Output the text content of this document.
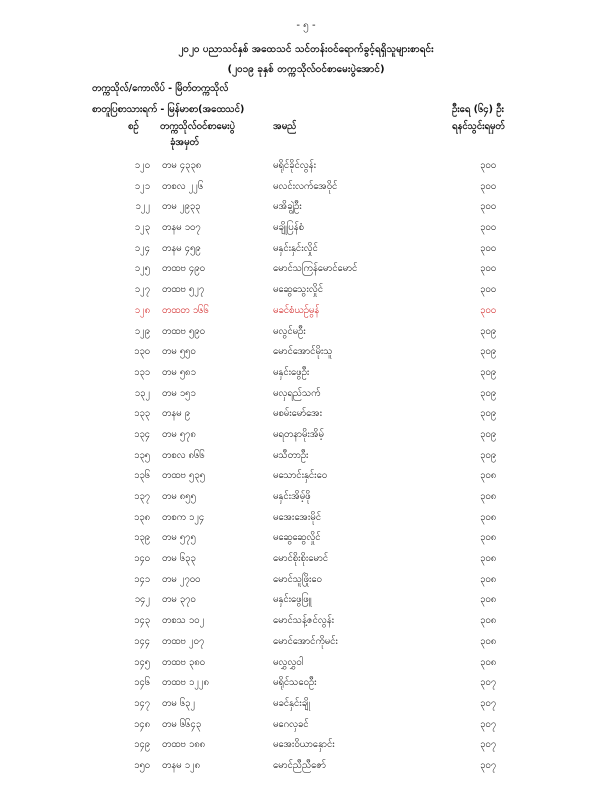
- ၅ -
၂၀၂၀ ပညာသင်နှစ် အထေသင် သင်တန်းဝင်ရောက်ခွင့်ရရှိသူများစာရင်း
(၂၀၁၉ ခုနှစ် တက္ကသိုလ်ဝင်စာမေးပွဲအောင်)
တက္ကသိုလ်/ကောလိပ် - မြိတ်တက္ကသိုလ်
စာတူပြစာသားရက် - မြန်မာစာ(အထေသင်)	ဦးရေ (၆၄) ဦး
စဉ် တက္ကသိုလ်ဝင်စာမေးပွဲ
ခုံအမှတ်
အမည်	ရနင်သွင်းရမှတ်
၁၂၀ တမ ၄၃၃၈	မရိုင်ခိုင်လွန်း	၃၀၀
၁၂၁ တစလ ၂၂၆	မလင်းလက်အေဝိုင်	၃၀၀
၁၂၂ တမ ၂၉၃၃	မအိချွဲဦး	၃၀၀
၁၂၃ တနမ ၁၀၇	မချိုပြန်စံ	၃၀၀
၁၂၄ တနမ ၄၅၉	မနှင်းနှင်းလှိုင်	၃၀၀
၁၂၅ တထဗ ၄၉၀	မောင်သကြန်မောင်မောင်	၃၀၀
၁၂၇ တထဗ ၅၂၇	မဆွေသွေးလှိုင်	၃၀၀
၁၂၈ တထတ ၁၆၆	မခင်စံယဉ်မွန်	၃၀၀
၁၂၉ တထဗ ၅၉၀	မလွင်မဦး	၃၀၉
၁၃၀ တမ ၅၅၀	မောင်အောင်မိုးသူ	၃၀၉
၁၃၁ တမ ၅၈၁	မနှင်းဖွေဦး	၃၀၉
၁၃၂ တမ ၁၅၁	မလှရည်သက်	၃၀၉
၁၃၃ တနမ ၉	မစမ်းမော်အေး	၃၀၉
၁၃၄ တမ ၅၇၈	မရတနာမိုးအိမ့်	၃၀၉
၁၃၅ တစလ ၈၆၆	မသီတာဦး	၃၀၉
၁၃၆ တထဗ ၅၃၅	မသောင်းနှင်းဝေ	၃၀၈
၁၃၇ တမ ၈၅၅	မနှင်းအိမ့်ဖို	၃၀၈
၁၃၈ တစက ၁၂၄	မအေးအေးမိုင်	၃၀၈
၁၃၉ တမ ၅၇၅	မဆွေဆွေလှိုင်	၃၀၈
၁၄၀ တမ ၆၃၃	မောင်စိုးစိုးမောင်	၃၀၈
၁၄၁ တမ ၂၇၀၀	မောင်သူဖြိုးဝေ	၃၀၈
၁၄၂ တမ ၃၇၀	မနှင်းဖွေဖြူ	၃၀၈
၁၄၃ တစသ ၁၀၂	မောင်သန့်ဇင်လွန်း	၃၀၈
၁၄၄ တထဗ ၂၀၇	မောင်အောင်ကိုမင်း	၃၀၈
၁၄၅ တထဗ ၃၈၀	မလွှလွှဝါ	၃၀၈
၁၄၆ တထဗ ၁၂၂၈	မရိုင်သဝေဦး	၃၀၇
၁၄၇ တမ ၆၃၂	မခင်နှင်းချို	၃၀၇
၁၄၈ တမ ၆၆၄၃	မဂေလှခင်	၃၀၇
၁၄၉ တထဗ ၁၈၈	မအေးဝိယာနှောင်း	၃၀၇
၁၅၀ တနမ ၁၂၈	မောင်ညီညီဇော်	၃၀၇
